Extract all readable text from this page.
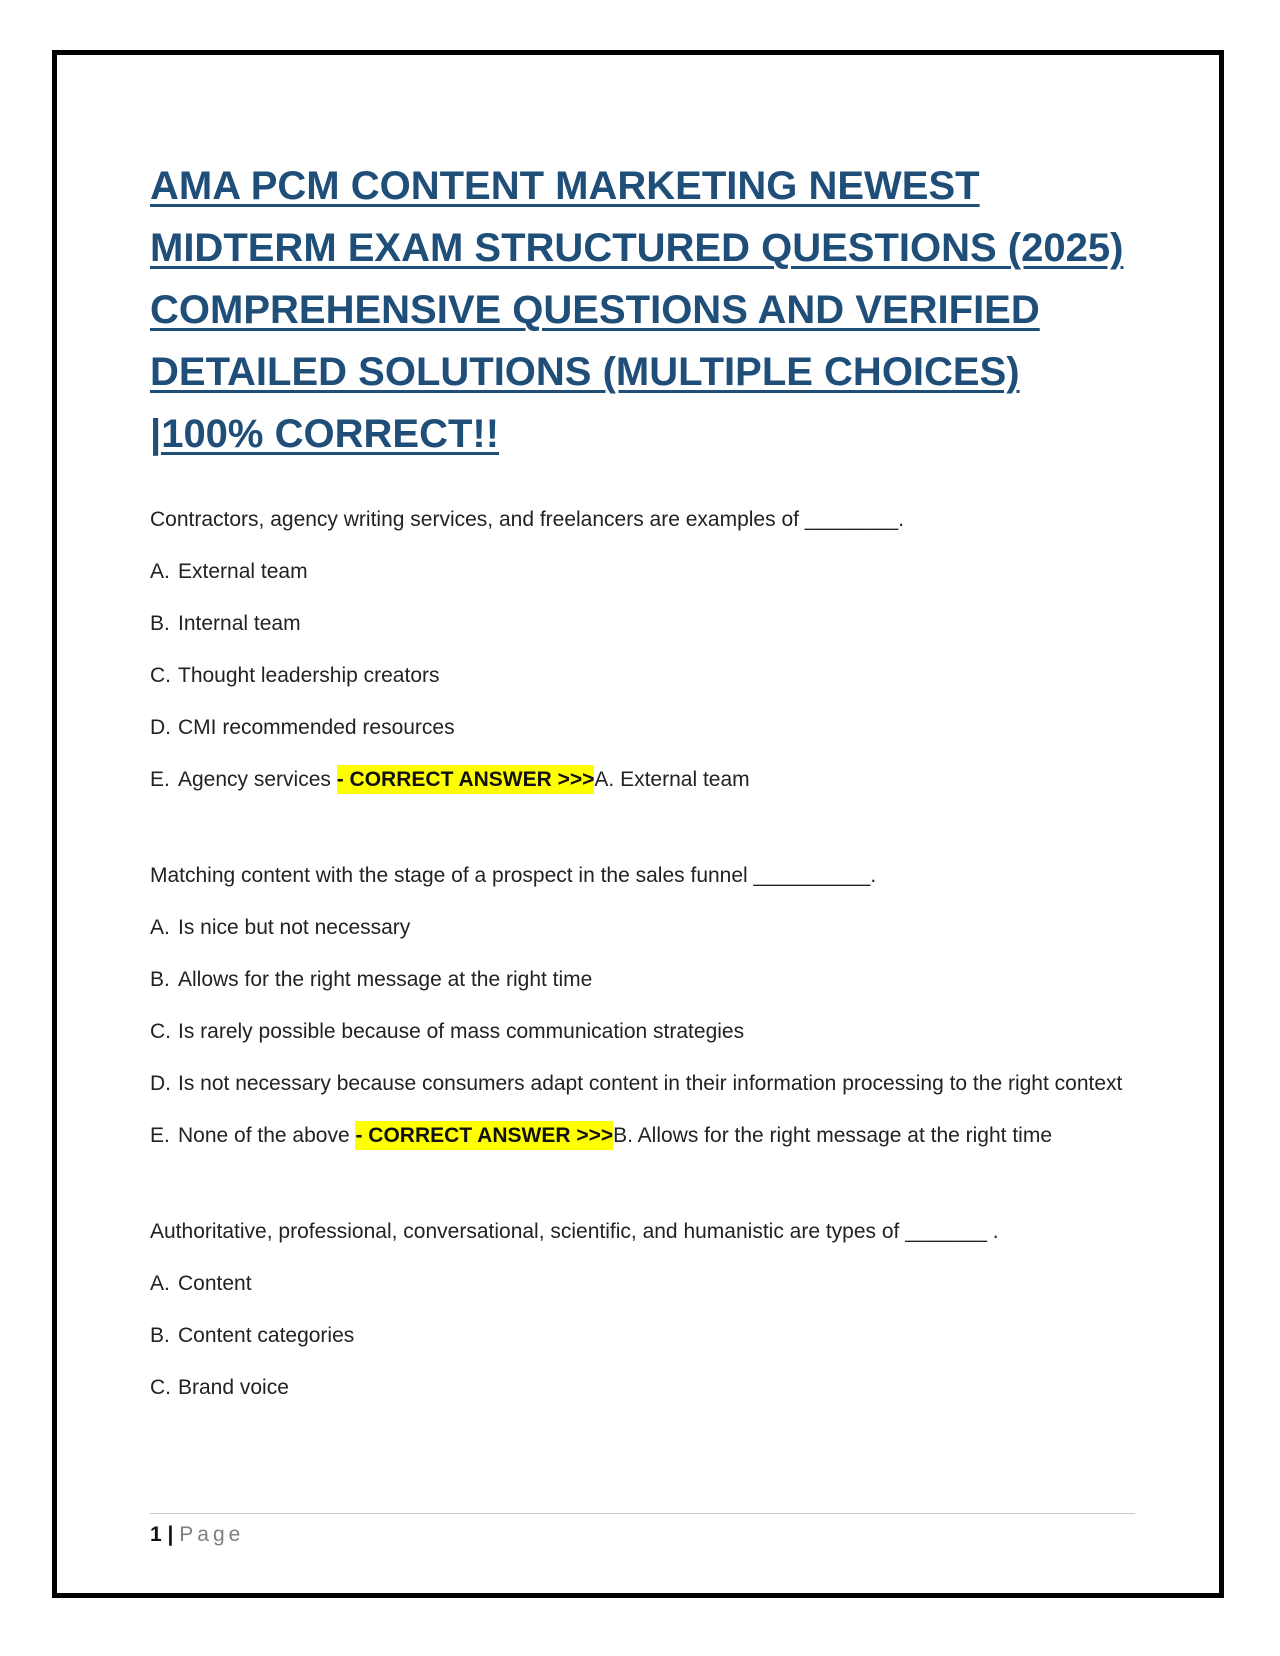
AMA PCM CONTENT MARKETING NEWEST MIDTERM EXAM STRUCTURED QUESTIONS (2025) COMPREHENSIVE QUESTIONS AND VERIFIED DETAILED SOLUTIONS (MULTIPLE CHOICES) |100% CORRECT!!

Contractors, agency writing services, and freelancers are examples of ________.

A. External team
B. Internal team
C. Thought leadership creators
D. CMI recommended resources
E. Agency services - CORRECT ANSWER >>>A. External team

Matching content with the stage of a prospect in the sales funnel __________.

A. Is nice but not necessary
B. Allows for the right message at the right time
C. Is rarely possible because of mass communication strategies
D. Is not necessary because consumers adapt content in their information processing to the right context
E. None of the above - CORRECT ANSWER >>>B. Allows for the right message at the right time

Authoritative, professional, conversational, scientific, and humanistic are types of _______ .

A. Content
B. Content categories
C. Brand voice
1 | Page
